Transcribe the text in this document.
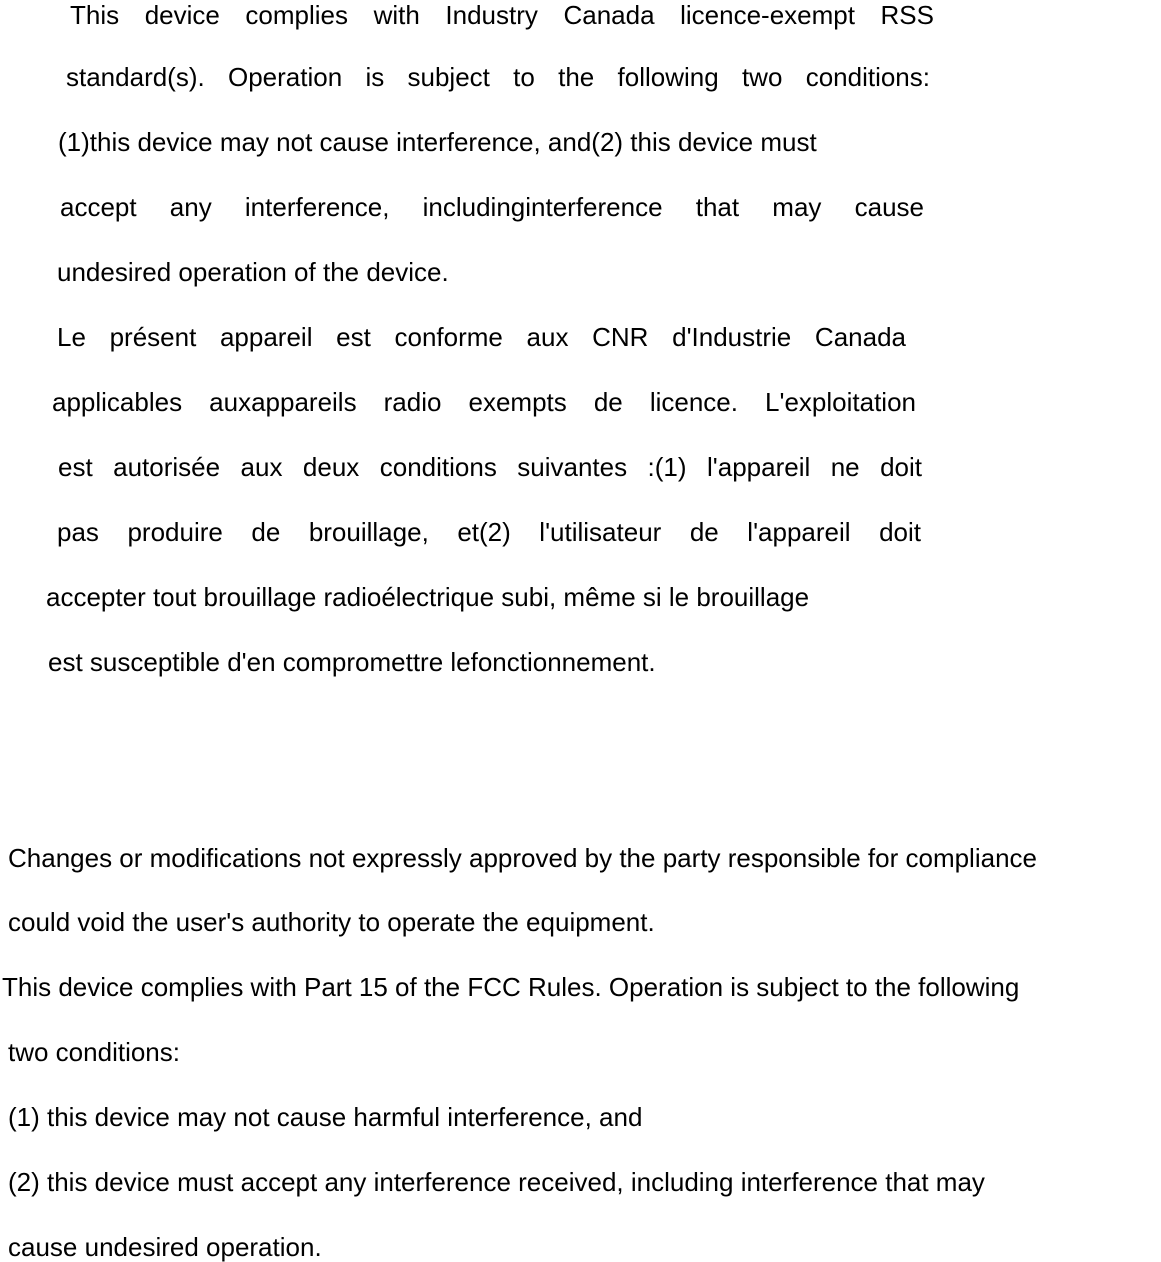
This device complies with Industry Canada licence-exempt RSS

standard(s). Operation is subject to the following two conditions:

(1)this device may not cause interference, and(2) this device must

accept any interference, includinginterference that may cause

undesired operation of the device.

Le présent appareil est conforme aux CNR d'Industrie Canada

applicables auxappareils radio exempts de licence. L'exploitation

est autorisée aux deux conditions suivantes :(1) l'appareil ne doit

pas produire de brouillage, et(2) l'utilisateur de l'appareil doit

accepter tout brouillage radioélectrique subi, même si le brouillage

est susceptible d'en compromettre lefonctionnement.

Changes or modifications not expressly approved by the party responsible for compliance

could void the user's authority to operate the equipment.

This device complies with Part 15 of the FCC Rules. Operation is subject to the following

two conditions:

(1) this device may not cause harmful interference, and

(2) this device must accept any interference received, including interference that may

cause undesired operation.
